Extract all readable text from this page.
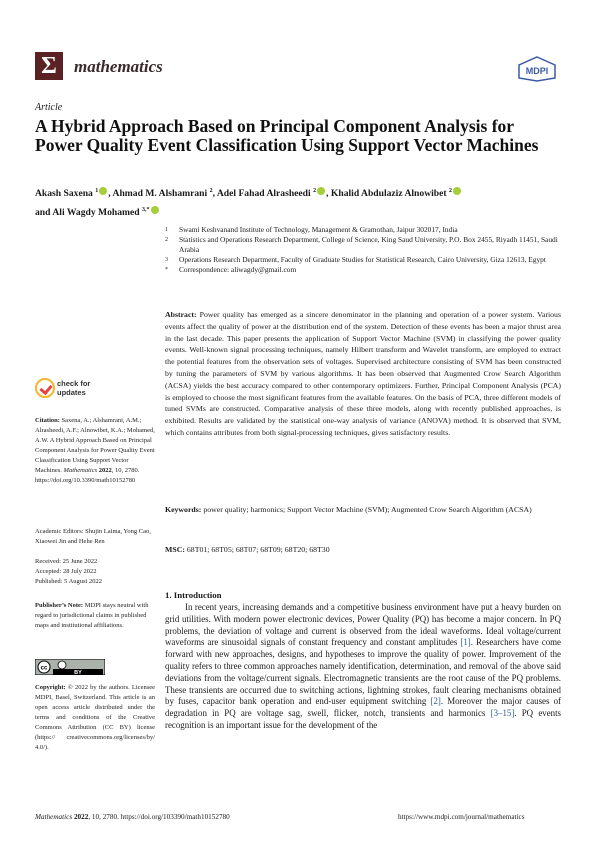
Σ mathematics	MDPI
Article
A Hybrid Approach Based on Principal Component Analysis for Power Quality Event Classification Using Support Vector Machines
Akash Saxena $^1$ , Ahmad M. Alshamrani $^2$, Adel Fahad Alrasheedi $^2$ , Khalid Abdulaziz Alnowibet $^2$
and Ali Wagdy Mohamed $^{3,*}$
1	Swami Keshvanand Institute of Technology, Management & Gramothan, Jaipur 302017, India
2	Statistics and Operations Research Department, College of Science, King Saud University, P.O. Box 2455, Riyadh 11451, Saudi Arabia
3	Operations Research Department, Faculty of Graduate Studies for Statistical Research, Cairo University, Giza 12613, Egypt
*	Correspondence: aliwagdy@gmail.com
Abstract: Power quality has emerged as a sincere denominator in the planning and operation of a power system. Various events affect the quality of power at the distribution end of the system. Detection of these events has been a major thrust area in the last decade. This paper presents the application of Support Vector Machine (SVM) in classifying the power quality events. Well-known signal processing techniques, namely Hilbert transform and Wavelet transform, are employed to extract the potential features from the observation sets of voltages. Supervised architecture consisting of SVM has been constructed by tuning the parameters of SVM by various algorithms. It has been observed that Augmented Crow Search Algorithm (ACSA) yields the best accuracy compared to other contemporary optimizers. Further, Principal Component Analysis (PCA) is employed to choose the most significant features from the available features. On the basis of PCA, three different models of tuned SVMs are constructed. Comparative analysis of these three models, along with recently published approaches, is exhibited. Results are validated by the statistical one-way analysis of variance (ANOVA) method. It is observed that SVM, which contains attributes from both signal-processing techniques, gives satisfactory results.
Keywords: power quality; harmonics; Support Vector Machine (SVM); Augmented Crow Search Algorithm (ACSA)
MSC: 68T01; 68T05; 68T07; 68T09; 68T20; 68T30
check for
updates
Citation: Saxena, A.; Alshamrani, A.M.; Alrasheedi, A.F.; Alnowibet, K.A.; Mohamed, A.W. A Hybrid Approach Based on Principal Component Analysis for Power Quality Event Classification Using Support Vector Machines. Mathematics 2022, 10, 2780. https://doi.org/10.3390/math10152780
Academic Editors: Shujin Laima, Yong Cao, Xiaowei Jin and Hehe Ren
Received: 25 June 2022
Accepted: 28 July 2022
Published: 5 August 2022
Publisher’s Note: MDPI stays neutral with regard to jurisdictional claims in published maps and institutional affiliations.
cc
BY
Copyright: © 2022 by the authors. Licensee MDPI, Basel, Switzerland. This article is an open access article distributed under the terms and conditions of the Creative Commons Attribution (CC BY) license (https:// creativecommons.org/licenses/by/ 4.0/).
1. Introduction
In recent years, increasing demands and a competitive business environment have put a heavy burden on grid utilities. With modern power electronic devices, Power Quality (PQ) has become a major concern. In PQ problems, the deviation of voltage and current is observed from the ideal waveforms. Ideal voltage/current waveforms are sinusoidal signals of constant frequency and constant amplitudes [1]. Researchers have come forward with new approaches, designs, and hypotheses to improve the quality of power. Improvement of the quality refers to three common approaches namely identification, determination, and removal of the above said deviations from the voltage/current signals. Electromagnetic transients are the root cause of the PQ problems. These transients are occurred due to switching actions, lightning strokes, fault clearing mechanisms obtained by fuses, capacitor bank operation and end-user equipment switching [2]. Moreover the major causes of degradation in PQ are voltage sag, swell, flicker, notch, transients and harmonics [3–15]. PQ events recognition is an important issue for the development of the
Mathematics 2022, 10, 2780. https://doi.org/103390/math10152780	https://www.mdpi.com/journal/mathematics
